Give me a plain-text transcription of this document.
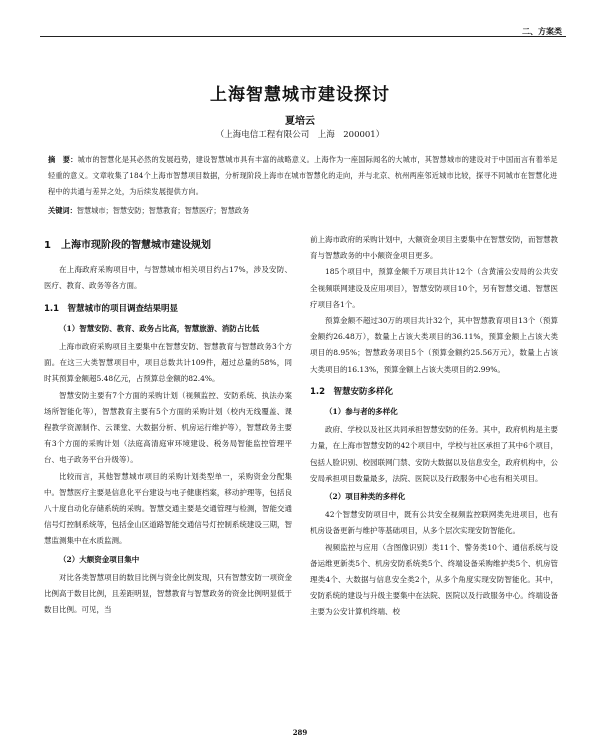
二、方案类
上海智慧城市建设探讨
夏培云
（上海电信工程有限公司　上海　200001）
摘　要：城市的智慧化是其必然的发展趋势，建设智慧城市具有丰富的战略意义。上海作为一座国际闻名的大城市，其智慧城市的建设对于中国而言有着举足轻重的意义。文章收集了184个上海市智慧项目数据，分析现阶段上海市在城市智慧化的走向，并与北京、杭州两座邻近城市比较，探寻不同城市在智慧化进程中的共通与差异之处，为后续发展提供方向。
关键词：智慧城市；智慧安防；智慧教育；智慧医疗；智慧政务
1　上海市现阶段的智慧城市建设规划

在上海政府采购项目中，与智慧城市相关项目约占17%，涉及安防、医疗、教育、政务等各方面。

1.1　智慧城市的项目调查结果明显
（1）智慧安防、教育、政务占比高，智慧旅游、消防占比低

上海市政府采购项目主要集中在智慧安防、智慧教育与智慧政务3个方面。在这三大类智慧项目中，项目总数共计109件，超过总量的58%，同时其预算金额超5.48亿元，占预算总金额的82.4%。

智慧安防主要有7个方面的采购计划（视频监控、安防系统、执法办案场所智能化等），智慧教育主要有5个方面的采购计划（校内无线覆盖、课程教学资源制作、云课堂、大数据分析、机房运行维护等），智慧政务主要有3个方面的采购计划（法庭高清庭审环境建设、税务局智能监控管理平台、电子政务平台升级等）。

比较而言，其他智慧城市项目的采购计划类型单一，采购资金分配集中。智慧医疗主要是信息化平台建设与电子健康档案，移动护理等，包括良八十度自动化存储系统的采购。智慧交通主要是交通管理与检测，智能交通信号灯控制系统等，包括金山区道路智能交通信号灯控制系统建设三期，智慧监测集中在水质监测。

（2）大额资金项目集中

对比各类智慧项目的数目比例与资金比例发现，只有智慧安防一项资金比例高于数目比例，且差距明显，智慧教育与智慧政务的资金比例明显低于数目比例。可见，当

前上海市政府的采购计划中，大额资金项目主要集中在智慧安防，而智慧教育与智慧政务的中小额资金项目更多。

185个项目中，预算金额千万项目共计12个（含黄浦公安局的公共安全视频联网建设及应用项目），智慧安防项目10个，另有智慧交通、智慧医疗项目各1个。

预算金额不超过30万的项目共计32个，其中智慧教育项目13个（预算金额约26.48万），数量上占该大类项目的36.11%，预算金额上占该大类项目的8.95%；智慧政务项目5个（预算金额约25.56万元），数量上占该大类项目的16.13%，预算金额上占该大类项目的2.99%。

1.2　智慧安防多样化
（1）参与者的多样化

政府、学校以及社区共同承担智慧安防的任务。其中，政府机构是主要力量，在上海市智慧安防的42个项目中，学校与社区承担了其中6个项目，包括人脸识别、校园联网门禁、安防大数据以及信息安全，政府机构中，公安局承担项目数量最多，法院、医院以及行政服务中心也有相关项目。

（2）项目种类的多样化

42个智慧安防项目中，既有公共安全视频监控联网类先进项目，也有机房设备更新与维护等基础项目，从多个层次实现安防智能化。

视频监控与应用（含图像识别）类11个、警务类10个、通信系统与设备运维更新类5个、机房安防系统类5个、终端设备采购维护类5个、机房管理类4个、大数据与信息安全类2个，从多个角度实现安防智能化。其中，安防系统的建设与升级主要集中在法院、医院以及行政服务中心。终端设备主要为公安计算机终端、校

289
